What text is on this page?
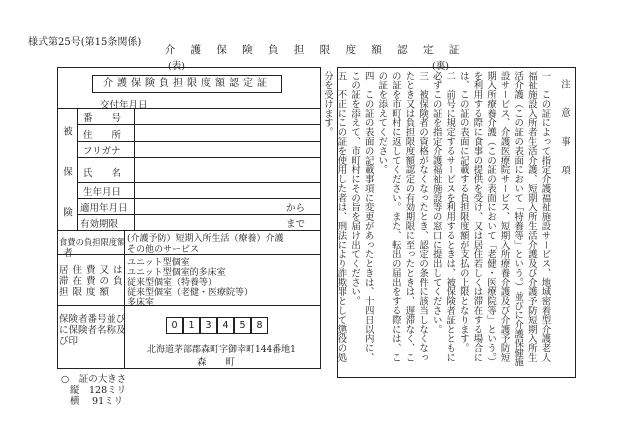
様式第25号(第15条関係)
介 護 保 険 負 担 限 度 額 認 定 証
(表)	(裏)
介護保険負担限度額認定証
交付年月日
被 保 険 者
番　　号
住　　所
フリガナ
氏　　名
生年月日
適用年月日	から
有効期限	まで
食費の負担限度額 (介護予防）短期入所生活（療養）介護
その他のサービス
居 住 費 又 は
滞 在 費 の 負
担 限 度 額
ユニット型個室
ユニット型個室的多床室
従来型個室（特養等）
従来型個室（老健・医療院等）
多床室
保険者番号並び
に保険者名称及
び印
0	1	3	4	5	8
北海道茅部郡森町字御幸町144番地1
森　　町
○　証の大きさ
縦　128ミリ
横　 91ミリ
注　意　事　項
一　この証によって指定介護福祉施設サービス、地域密着型介護老人福祉施設入所者生活介護、短期入所生活介護及び介護予防短期入所生活介護（この証の表面において「特養等」という。）並びに介護保健施設サービス、介護医療院サービス、短期入所療養介護及び介護予防短期入所療養介護（この証の表面において「老健・医療院等」という。）を利用する際に食事の提供を受け、又は居住若しくは滞在する場合には、この証の表面に記載する負担限度額が支払の上限となります。
二　前号に規定するサービスを利用するときは、被保険者証とともに必ずこの証を指定介護福祉施設等の窓口に提出してください。
三　被保険者の資格がなくなったとき、認定の条件に該当しなくなったとき又は負担限度額認定の有効期限に至ったときは、遅滞なく、この証を市町村に返してください。また、転出の届出をする際には、この証を添えてください。
四　この証の表面の記載事項に変更があったときは、十四日以内に、この証を添えて、市町村にその旨を届け出てください。
五　不正にこの証を使用した者は、刑法により詐欺罪として懲役の処分を受けます。
